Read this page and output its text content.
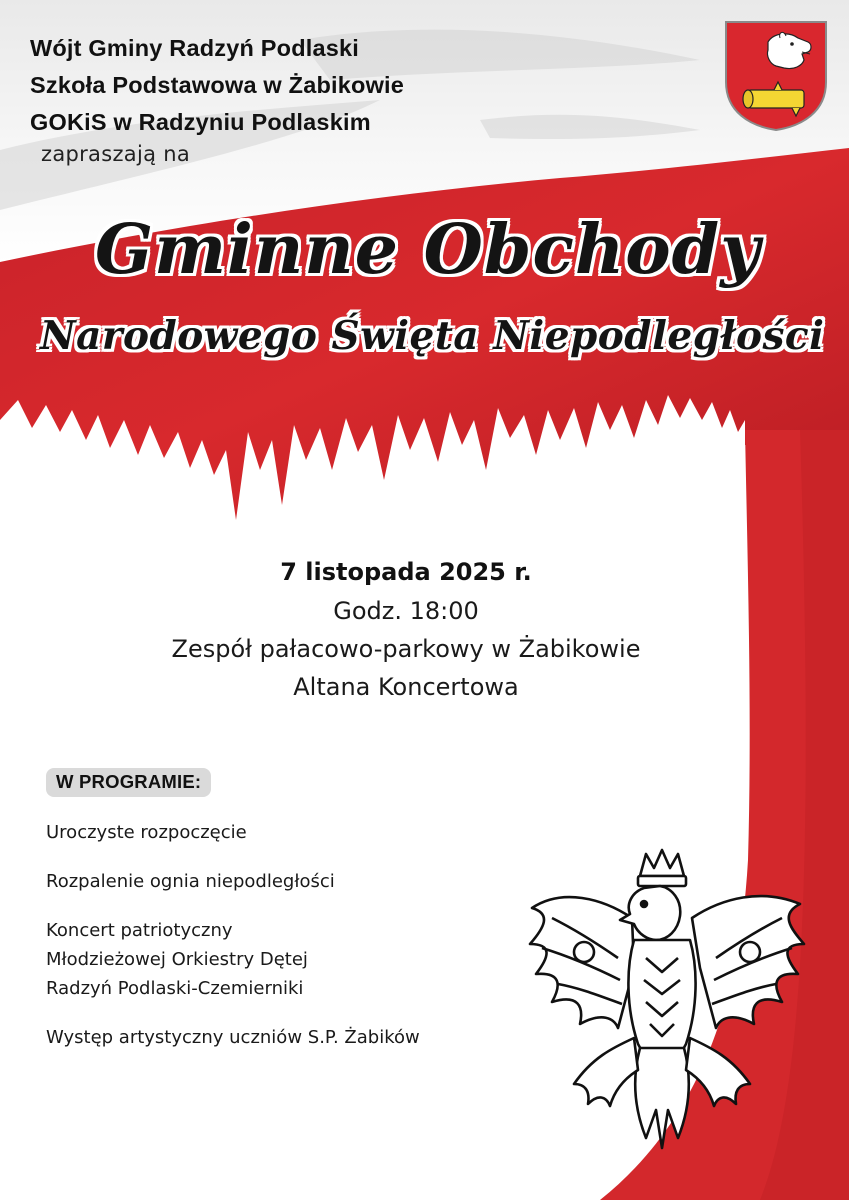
Wójt Gminy Radzyń Podlaski
Szkoła Podstawowa w Żabikowie
GOKiS w Radzyniu Podlaskim
zapraszają na
Gminne Obchody
Narodowego Święta Niepodległości
7 listopada 2025 r.
Godz. 18:00
Zespół pałacowo-parkowy w Żabikowie
Altana Koncertowa
W PROGRAMIE:
Uroczyste rozpoczęcie
Rozpalenie ognia niepodległości
Koncert patriotyczny
Młodzieżowej Orkiestry Dętej
Radzyń Podlaski-Czemierniki
Występ artystyczny uczniów S.P. Żabików
